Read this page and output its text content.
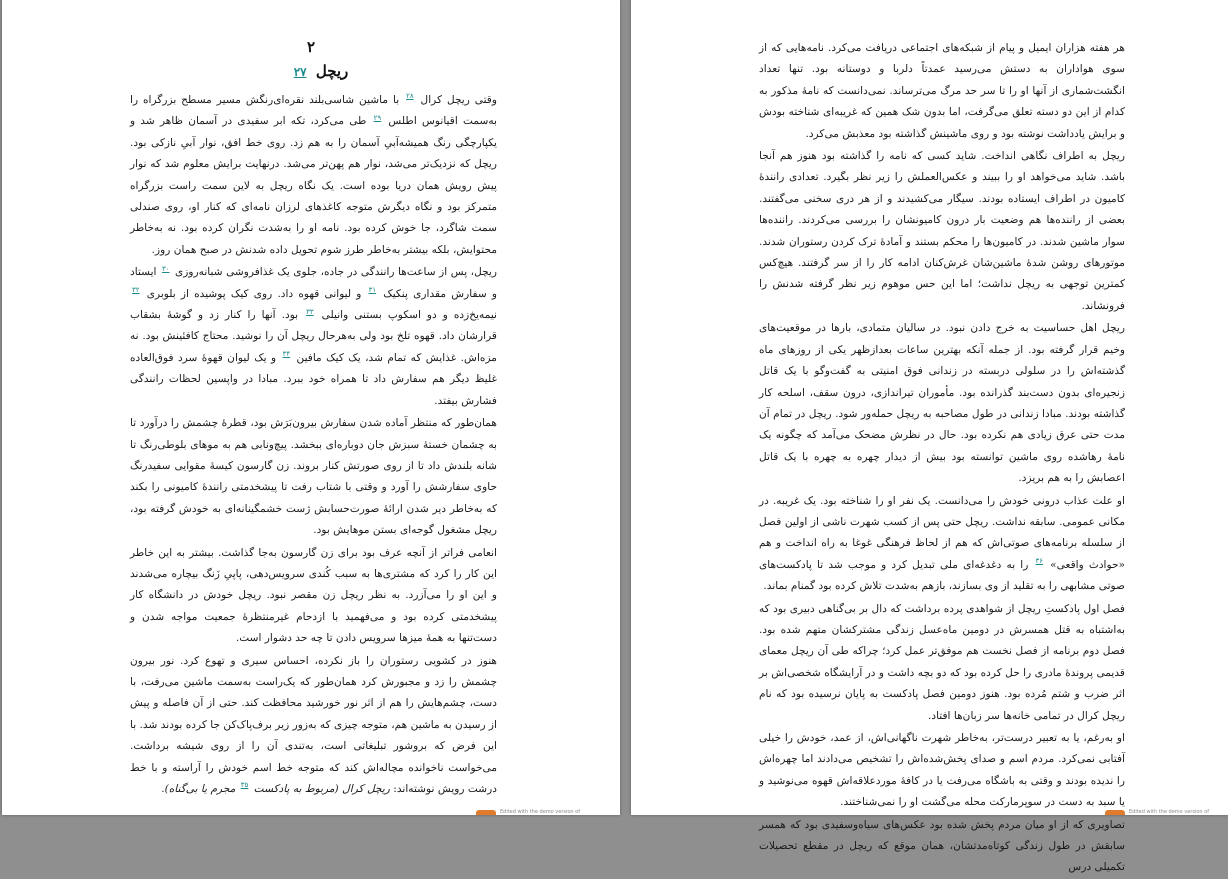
۲
ریچل ۲۷

وقتی ریچل کرال $^{۲۸}$ با ماشین شاسی‌بلند نقره‌ای‌رنگش مسیر مسطح بزرگراه را به‌سمت اقیانوس اطلس $^{۲۹}$ طی می‌کرد، تکه ابر سفیدی در آسمان ظاهر شد و یکپارچگی رنگ همیشه‌آبیِ آسمان را به هم زد. روی خط افق، نوار آبیِ نازکی بود. ریچل که نزدیک‌تر می‌شد، نوار هم پهن‌تر می‌شد. درنهایت برایش معلوم شد که نوار پیش رویش همان دریا بوده است. یک نگاه ریچل به لاین سمت راست بزرگراه متمرکز بود و نگاه دیگرش متوجه کاغذهای لرزان نامه‌ای که کنار او، روی صندلی سمت شاگرد، جا خوش کرده بود. نامه او را به‌شدت نگران کرده بود. نه به‌خاطر محتوایش، بلکه بیشتر به‌خاطر طرز شوم تحویل داده شدنش در صبح همان روز.

ریچل، پس از ساعت‌ها رانندگی در جاده، جلوی یک غذافروشی شبانه‌روزی $^{۳۰}$ ایستاد و سفارش مقداری پنکیک $^{۳۱}$ و لیوانی قهوه داد. روی کیک پوشیده از بلوبری $^{۳۲}$ نیمه‌یخ‌زده و دو اسکوپ بستنی وانیلی $^{۳۳}$ بود. آنها را کنار زد و گوشهٔ بشقاب قرارشان داد. قهوه تلخ بود ولی به‌هرحال ریچل آن را نوشید. محتاج کافئینش بود. نه مزه‌اش. غذایش که تمام شد، یک کیک مافین $^{۳۴}$ و یک لیوان قهوهٔ سرد فوق‌العاده غلیظ دیگر هم سفارش داد تا همراه خود ببرد. مبادا در واپسین لحظات رانندگی فشارش بیفتد.

همان‌طور که منتظر آماده شدن سفارش بیرون‌بَرَش بود، قطرهٔ چشمش را درآورد تا به چشمان خستهٔ سبزش جان دوباره‌ای ببخشد. پیچ‌ونابی هم به موهای بلوطی‌رنگ تا شانه بلندش داد تا از روی صورتش کنار بروند. زن گارسون کیسهٔ مقوایی سفیدرنگ حاوی سفارشش را آورد و وقتی با شتاب رفت تا پیشخدمتی رانندهٔ کامیونی را بکند که به‌خاطر دیر شدن ارائهٔ صورت‌حسابش ژست خشمگینانه‌ای به خودش گرفته بود، ریچل مشغول گوجه‌ای بستن موهایش بود.

انعامی فراتر از آنچه عرف بود برای زن گارسون به‌جا گذاشت. بیشتر به این خاطر این کار را کرد که مشتری‌ها به سبب کُندی سرویس‌دهی، پاپیِ زَنگ بیچاره می‌شدند و این او را می‌آزرد. به نظر ریچل زن مقصر نبود. ریچل خودش در دانشگاه کار پیشخدمتی کرده بود و می‌فهمید با ازدحام غیرمنتظرهٔ جمعیت مواجه شدن و دست‌تنها به همهٔ میزها سرویس دادن تا چه حد دشوار است.

هنوز در کشویی رستوران را باز نکرده، احساس سیری و تهوع کرد. نور بیرون چشمش را زد و مجبورش کرد همان‌طور که یک‌راست به‌سمت ماشین می‌رفت، با دست، چشم‌هایش را هم از اثر نور خورشید محافظت کند. حتی از آن فاصله و پیش از رسیدن به ماشین هم، متوجه چیزی که به‌زور زیر برف‌پاک‌کن جا کرده بودند شد. با این فرض که بروشور تبلیغاتی است، به‌تندی آن را از روی شیشه برداشت. می‌خواست ناخوانده مچاله‌اش کند که متوجه خط اسم خودش را آراسته و با خط درشت رویش نوشته‌اند: ریچل کرال (مربوط به پادکست $^{۳۵}$ مجرم یا بی‌گناه).

Edited with the demo version of

هر هفته هزاران ایمیل و پیام از شبکه‌های اجتماعی دریافت می‌کرد. نامه‌هایی که از سوی هواداران به دستش می‌رسید عمدتاً دلربا و دوستانه بود. تنها تعداد انگشت‌شماری از آنها او را تا سر حد مرگ می‌ترساند. نمی‌دانست که نامهٔ مذکور به کدام از این دو دسته تعلق می‌گرفت، اما بدون شک همین که غریبه‌ای شناخته بودش و برایش یادداشت نوشته بود و روی ماشینش گذاشته بود معذبش می‌کرد.

ریچل به اطراف نگاهی انداخت. شاید کسی که نامه را گذاشته بود هنوز هم آنجا باشد. شاید می‌خواهد او را ببیند و عکس‌العملش را زیر نظر بگیرد. تعدادی رانندهٔ کامیون در اطراف ایستاده بودند. سیگار می‌کشیدند و از هر دری سخنی می‌گفتند. بعضی از راننده‌ها هم وضعیت بار درون کامیونشان را بررسی می‌کردند. راننده‌ها سوار ماشین شدند. در کامیون‌ها را محکم بستند و آمادهٔ ترک کردن رستوران شدند. موتورهای روشن شدهٔ ماشین‌شان غرش‌کنان ادامه کار را از سر گرفتند. هیچ‌کس کمترین توجهی به ریچل نداشت؛ اما این حس موهوم زیر نظر گرفته شدنش را فرونشاند.

ریچل اهل حساسیت به خرج دادن نبود. در سالیان متمادی، بارها در موقعیت‌های وخیم قرار گرفته بود. از جمله آنکه بهترین ساعات بعدازظهر یکی از روزهای ماه گذشته‌اش را در سلولی دربسته در زندانی فوق امنیتی به گفت‌وگو با یک قاتل زنجیره‌ای بدون دست‌بند گذرانده بود. مأموران تیراندازی، درون سقف، اسلحه کار گذاشته بودند. مبادا زندانی در طول مصاحبه به ریچل حمله‌ور شود. ریچل در تمام آن مدت حتی عرق زیادی هم نکرده بود. حال در نظرش مضحک می‌آمد که چگونه یک نامهٔ رهاشده روی ماشین توانسته بود بیش از دیدار چهره به چهره با یک قاتل اعصابش را به هم بریزد.

او علت عذاب درونی خودش را می‌دانست. یک نفر او را شناخته بود. یک غریبه. در مکانی عمومی. سابقه نداشت. ریچل حتی پس از کسب شهرت ناشی از اولین فصل از سلسله برنامه‌های صوتی‌اش که هم از لحاظ فرهنگی غوغا به راه انداخت و هم «حوادث واقعی» $^{۳۶}$ را به دغدغه‌ای ملی تبدیل کرد و موجب شد تا پادکست‌های صوتی مشابهی را به تقلید از وی بسازند، بازهم به‌شدت تلاش کرده بود گمنام بماند.

فصل اول پادکستِ ریچل از شواهدی پرده برداشت که دال بر بی‌گناهی دبیری بود که به‌اشتباه به قتل همسرش در دومین ماه‌عسل زندگی مشترکشان متهم شده بود. فصل دوم برنامه از فصل نخست هم موفق‌تر عمل کرد؛ چراکه طی آن ریچل معمای قدیمی پروندهٔ مادری را حل کرده بود که دو بچه داشت و در آرایشگاه شخصی‌اش بر اثر ضرب و شتم مُرده بود. هنوز دومین فصل پادکست به پایان نرسیده بود که نام ریچل کرال در تمامی خانه‌ها سر زبان‌ها افتاد.

او به‌رغم، یا به تعبیر درست‌تر، به‌خاطر شهرت ناگهانی‌اش، از عمد، خودش را خیلی آفتابی نمی‌کرد. مردم اسم و صدای پخش‌شده‌اش را تشخیص می‌دادند اما چهره‌اش را ندیده بودند و وقتی به باشگاه می‌رفت یا در کافهٔ موردعلاقه‌اش قهوه می‌نوشید و یا سبد به دست در سوپرمارکت محله می‌گشت او را نمی‌شناختند.

تصاویری که از او میان مردم پخش شده بود عکس‌های سیاه‌وسفیدی بود که همسر سابقش در طول زندگی کوتاه‌مدتشان، همان موقع که ریچل در مقطع تحصیلات تکمیلی درس

Edited with the demo version of
